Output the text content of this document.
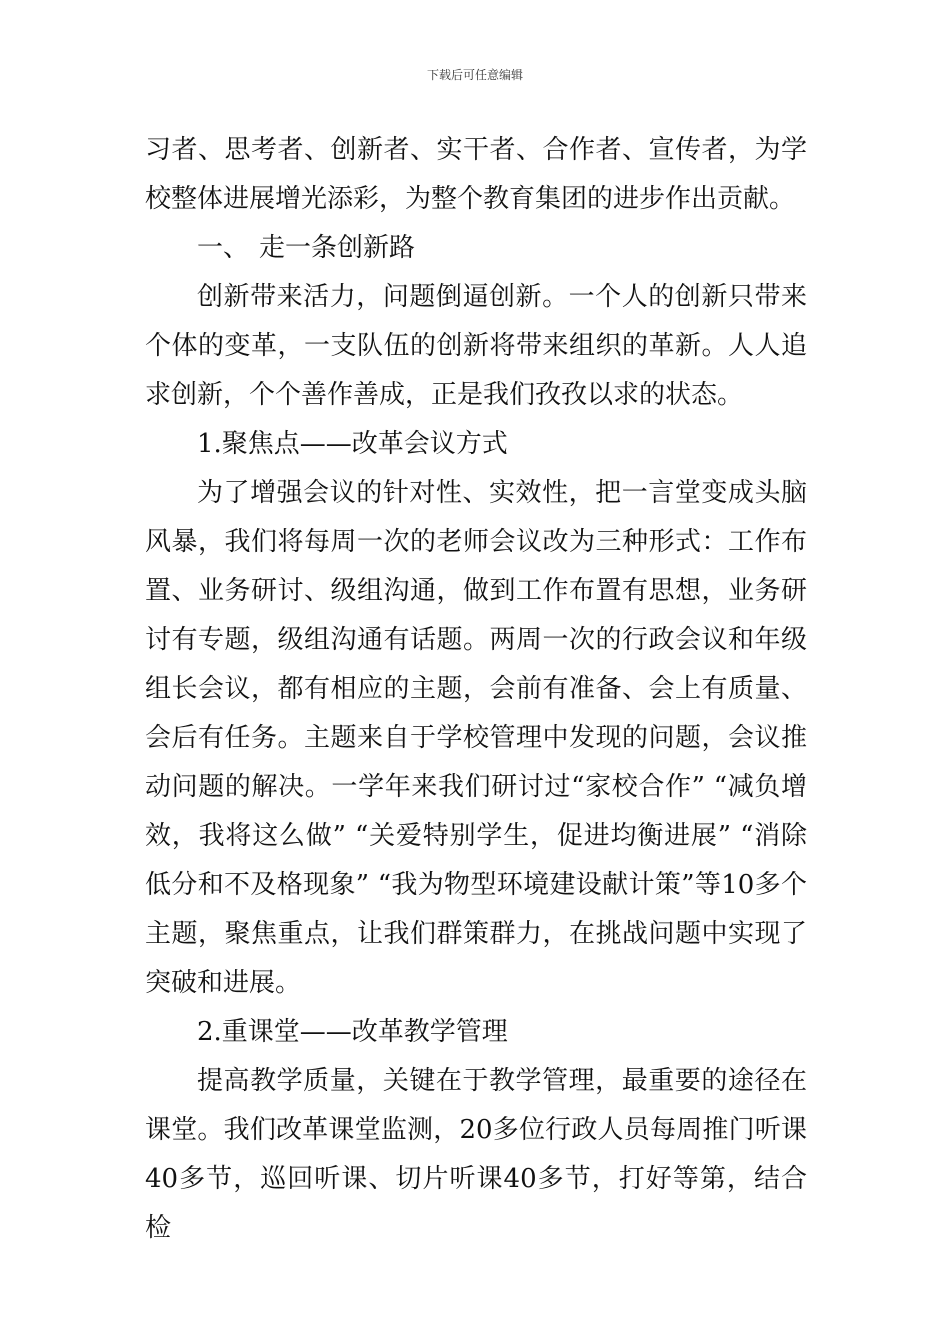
下载后可任意编辑

习者、思考者、创新者、实干者、合作者、宣传者，为学校整体进展增光添彩，为整个教育集团的进步作出贡献。

一、 走一条创新路

创新带来活力，问题倒逼创新。一个人的创新只带来个体的变革，一支队伍的创新将带来组织的革新。人人追求创新，个个善作善成，正是我们孜孜以求的状态。

1.聚焦点——改革会议方式

为了增强会议的针对性、实效性，把一言堂变成头脑风暴，我们将每周一次的老师会议改为三种形式：工作布置、业务研讨、级组沟通，做到工作布置有思想，业务研讨有专题，级组沟通有话题。两周一次的行政会议和年级组长会议，都有相应的主题，会前有准备、会上有质量、会后有任务。主题来自于学校管理中发现的问题，会议推动问题的解决。一学年来我们研讨过“家校合作” “减负增效，我将这么做” “关爱特别学生，促进均衡进展” “消除低分和不及格现象” “我为物型环境建设献计策”等10多个主题，聚焦重点，让我们群策群力，在挑战问题中实现了突破和进展。

2.重课堂——改革教学管理

提高教学质量，关键在于教学管理，最重要的途径在课堂。我们改革课堂监测，20多位行政人员每周推门听课40多节，巡回听课、切片听课40多节，打好等第，结合检
